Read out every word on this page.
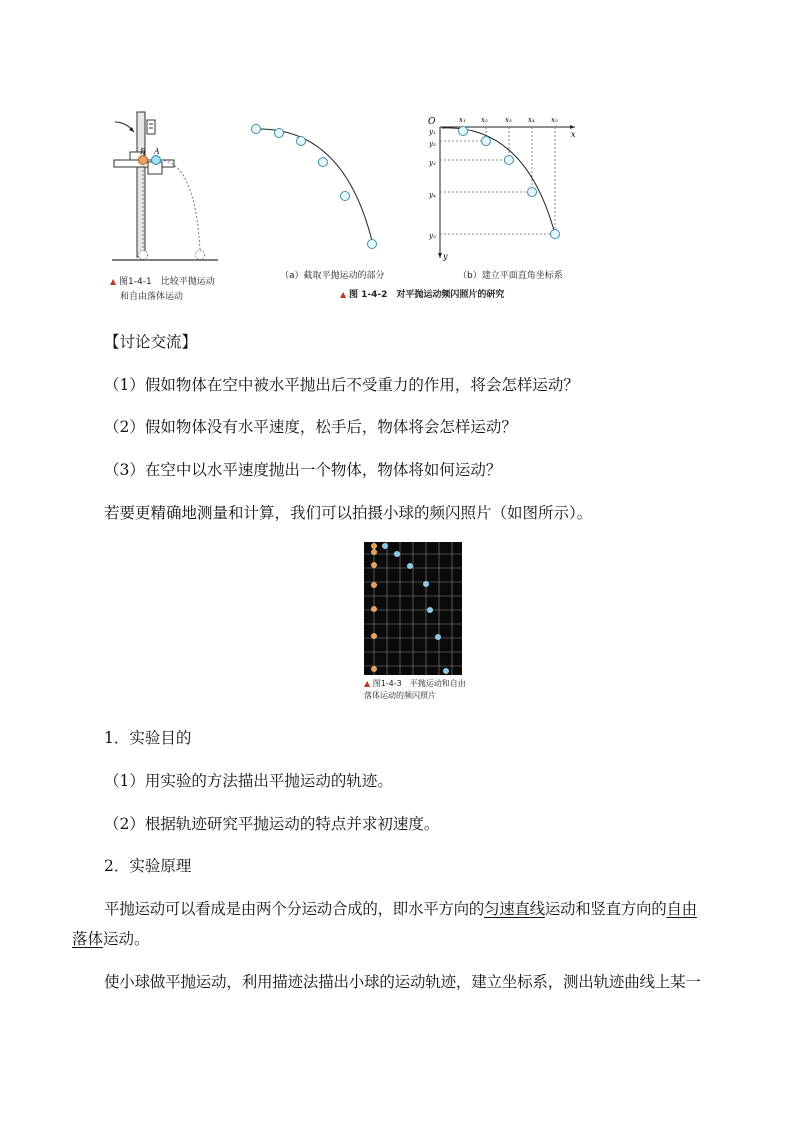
B A
▲ 图1-4-1　比较平抛运动
和自由落体运动
（a）截取平抛运动的部分
O
x
y
x₁ x₂ x₃ x₄ x₅
y₁
y₂
y₃
y₄
y₅
（b）建立平面直角坐标系
▲ 图 1-4-2　对平抛运动频闪照片的研究
【讨论交流】
（1）假如物体在空中被水平抛出后不受重力的作用，将会怎样运动？
（2）假如物体没有水平速度，松手后，物体将会怎样运动？
（3）在空中以水平速度抛出一个物体，物体将如何运动？
若要更精确地测量和计算，我们可以拍摄小球的频闪照片（如图所示）。
▲ 图1-4-3　平抛运动和自由
落体运动的频闪照片
1．实验目的
（1）用实验的方法描出平抛运动的轨迹。
（2）根据轨迹研究平抛运动的特点并求初速度。
2．实验原理
平抛运动可以看成是由两个分运动合成的，即水平方向的匀速直线运动和竖直方向的自由
落体运动。
使小球做平抛运动，利用描迹法描出小球的运动轨迹，建立坐标系，测出轨迹曲线上某一
